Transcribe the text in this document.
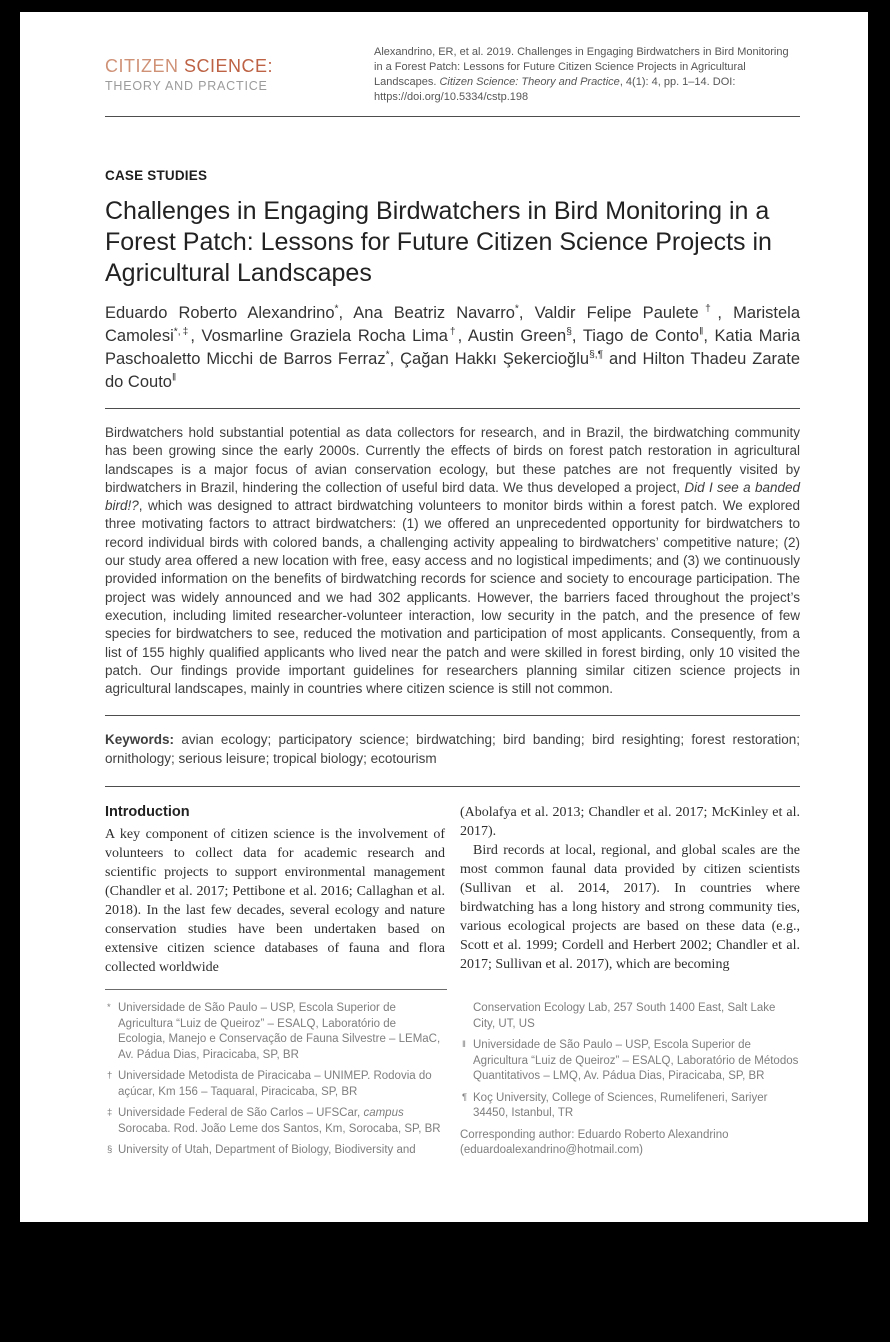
CITIZEN SCIENCE:
THEORY AND PRACTICE
Alexandrino, ER, et al. 2019. Challenges in Engaging Birdwatchers in Bird Monitoring in a Forest Patch: Lessons for Future Citizen Science Projects in Agricultural Landscapes. Citizen Science: Theory and Practice, 4(1): 4, pp. 1–14. DOI: https://doi.org/10.5334/cstp.198
CASE STUDIES
Challenges in Engaging Birdwatchers in Bird Monitoring in a Forest Patch: Lessons for Future Citizen Science Projects in Agricultural Landscapes
Eduardo Roberto Alexandrino*, Ana Beatriz Navarro*, Valdir Felipe Paulete†, Maristela Camolesi*,‡, Vosmarline Graziela Rocha Lima†, Austin Green§, Tiago de Conto‖, Katia Maria Paschoaletto Micchi de Barros Ferraz*, Çağan Hakkı Şekercioğlu§,¶ and Hilton Thadeu Zarate do Couto‖
Birdwatchers hold substantial potential as data collectors for research, and in Brazil, the birdwatching community has been growing since the early 2000s. Currently the effects of birds on forest patch restoration in agricultural landscapes is a major focus of avian conservation ecology, but these patches are not frequently visited by birdwatchers in Brazil, hindering the collection of useful bird data. We thus developed a project, Did I see a banded bird!?, which was designed to attract birdwatching volunteers to monitor birds within a forest patch. We explored three motivating factors to attract birdwatchers: (1) we offered an unprecedented opportunity for birdwatchers to record individual birds with colored bands, a challenging activity appealing to birdwatchers’ competitive nature; (2) our study area offered a new location with free, easy access and no logistical impediments; and (3) we continuously provided information on the benefits of birdwatching records for science and society to encourage participation. The project was widely announced and we had 302 applicants. However, the barriers faced throughout the project’s execution, including limited researcher-volunteer interaction, low security in the patch, and the presence of few species for birdwatchers to see, reduced the motivation and participation of most applicants. Consequently, from a list of 155 highly qualified applicants who lived near the patch and were skilled in forest birding, only 10 visited the patch. Our findings provide important guidelines for researchers planning similar citizen science projects in agricultural landscapes, mainly in countries where citizen science is still not common.
Keywords: avian ecology; participatory science; birdwatching; bird banding; bird resighting; forest restoration; ornithology; serious leisure; tropical biology; ecotourism
Introduction
A key component of citizen science is the involvement of volunteers to collect data for academic research and scientific projects to support environmental management (Chandler et al. 2017; Pettibone et al. 2016; Callaghan et al. 2018). In the last few decades, several ecology and nature conservation studies have been undertaken based on extensive citizen science databases of fauna and flora collected worldwide
(Abolafya et al. 2013; Chandler et al. 2017; McKinley et al. 2017).
Bird records at local, regional, and global scales are the most common faunal data provided by citizen scientists (Sullivan et al. 2014, 2017). In countries where birdwatching has a long history and strong community ties, various ecological projects are based on these data (e.g., Scott et al. 1999; Cordell and Herbert 2002; Chandler et al. 2017; Sullivan et al. 2017), which are becoming
* Universidade de São Paulo – USP, Escola Superior de Agricultura “Luiz de Queiroz” – ESALQ, Laboratório de Ecologia, Manejo e Conservação de Fauna Silvestre – LEMaC, Av. Pádua Dias, Piracicaba, SP, BR
† Universidade Metodista de Piracicaba – UNIMEP. Rodovia do açúcar, Km 156 – Taquaral, Piracicaba, SP, BR
‡ Universidade Federal de São Carlos – UFSCar, campus Sorocaba. Rod. João Leme dos Santos, Km, Sorocaba, SP, BR
§ University of Utah, Department of Biology, Biodiversity and
Conservation Ecology Lab, 257 South 1400 East, Salt Lake City, UT, US
‖ Universidade de São Paulo – USP, Escola Superior de Agricultura “Luiz de Queiroz” – ESALQ, Laboratório de Métodos Quantitativos – LMQ, Av. Pádua Dias, Piracicaba, SP, BR
¶ Koç University, College of Sciences, Rumelifeneri, Sariyer 34450, Istanbul, TR
Corresponding author: Eduardo Roberto Alexandrino (eduardoalexandrino@hotmail.com)
